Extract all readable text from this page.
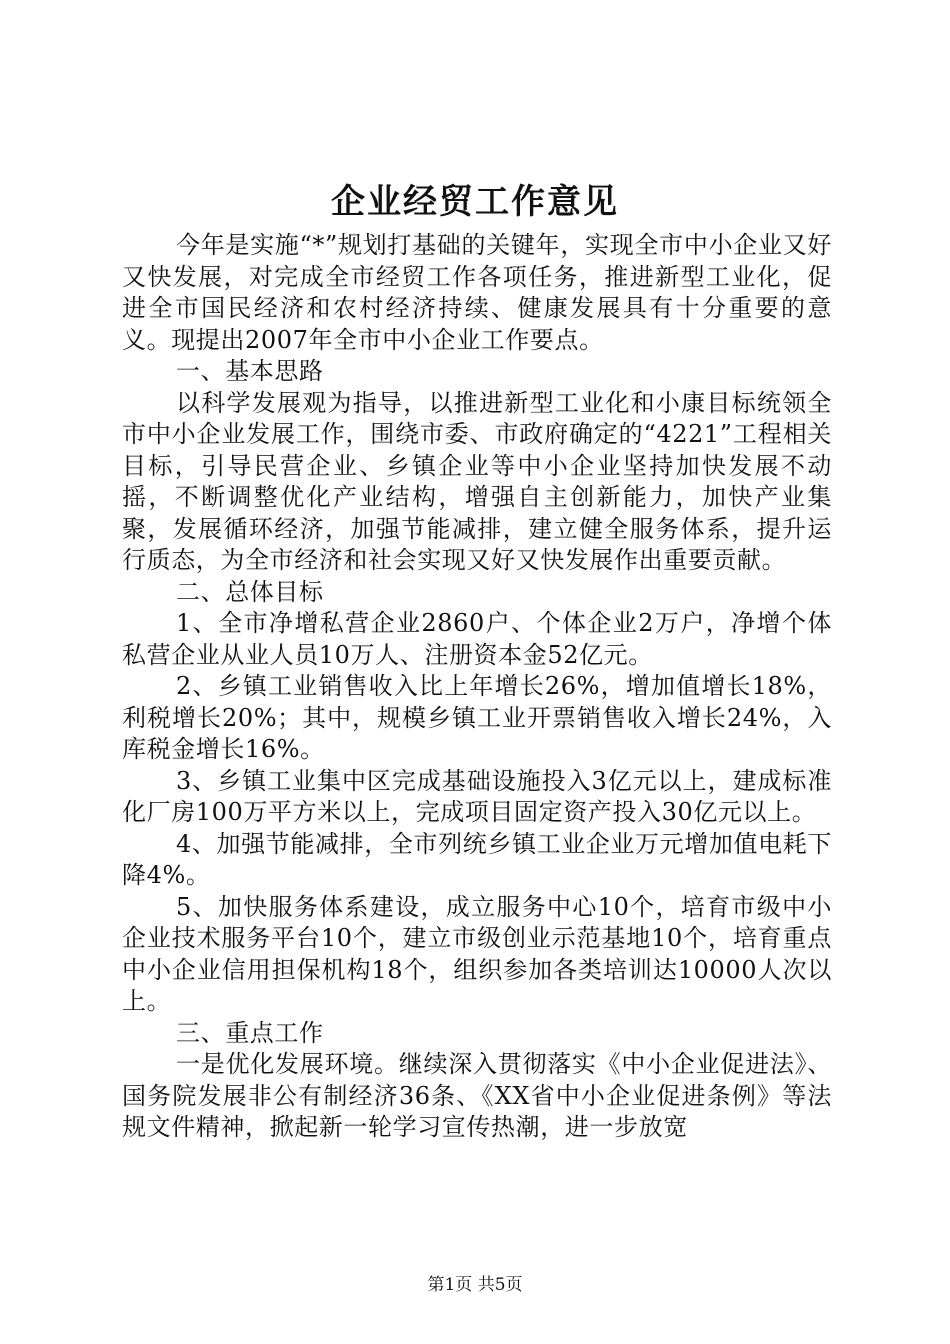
企业经贸工作意见

今年是实施“*”规划打基础的关键年，实现全市中小企业又好又快发展，对完成全市经贸工作各项任务，推进新型工业化，促进全市国民经济和农村经济持续、健康发展具有十分重要的意义。现提出2007年全市中小企业工作要点。

一、基本思路

以科学发展观为指导，以推进新型工业化和小康目标统领全市中小企业发展工作，围绕市委、市政府确定的“4221”工程相关目标，引导民营企业、乡镇企业等中小企业坚持加快发展不动摇，不断调整优化产业结构，增强自主创新能力，加快产业集聚，发展循环经济，加强节能减排，建立健全服务体系，提升运行质态，为全市经济和社会实现又好又快发展作出重要贡献。

二、总体目标

1、全市净增私营企业2860户、个体企业2万户，净增个体私营企业从业人员10万人、注册资本金52亿元。

2、乡镇工业销售收入比上年增长26%，增加值增长18%，利税增长20%；其中，规模乡镇工业开票销售收入增长24%，入库税金增长16%。

3、乡镇工业集中区完成基础设施投入3亿元以上，建成标准化厂房100万平方米以上，完成项目固定资产投入30亿元以上。

4、加强节能减排，全市列统乡镇工业企业万元增加值电耗下降4%。

5、加快服务体系建设，成立服务中心10个，培育市级中小企业技术服务平台10个，建立市级创业示范基地10个，培育重点中小企业信用担保机构18个，组织参加各类培训达10000人次以上。

三、重点工作

一是优化发展环境。继续深入贯彻落实《中小企业促进法》、国务院发展非公有制经济36条、《XX省中小企业促进条例》等法规文件精神，掀起新一轮学习宣传热潮，进一步放宽

第1页 共5页
